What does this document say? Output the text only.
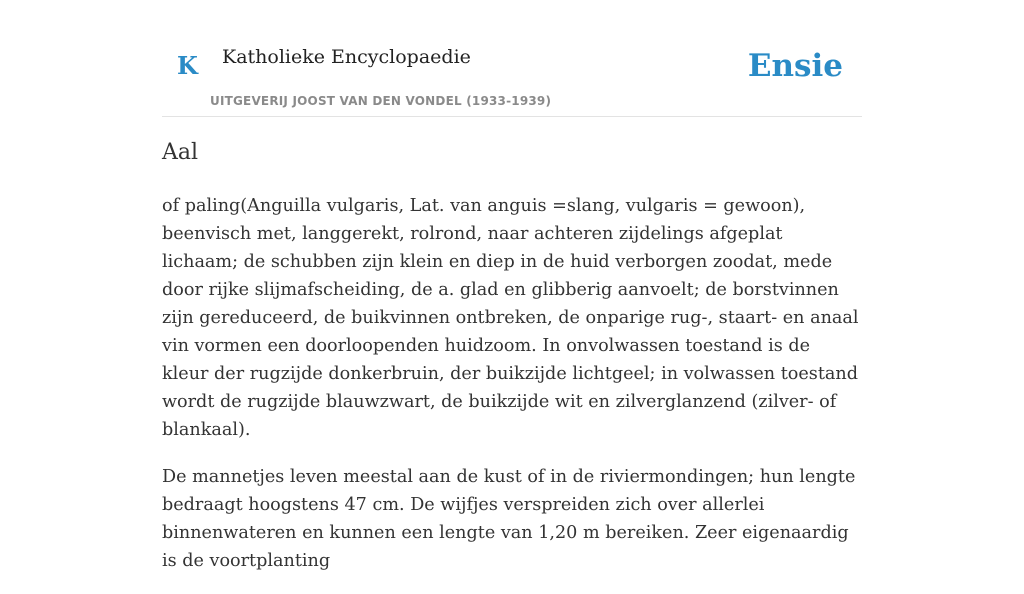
K Katholieke Encyclopaedie
UITGEVERIJ JOOST VAN DEN VONDEL (1933-1939)
Ensie
Aal

of paling(Anguilla vulgaris, Lat. van anguis =slang, vulgaris = gewoon), beenvisch met, langgerekt, rolrond, naar achteren zijdelings afgeplat lichaam; de schubben zijn klein en diep in de huid verborgen zoodat, mede door rijke slijmafscheiding, de a. glad en glibberig aanvoelt; de borstvinnen zijn gereduceerd, de buikvinnen ontbreken, de onparige rug-, staart- en anaal vin vormen een doorloopenden huidzoom. In onvolwassen toestand is de kleur der rugzijde donkerbruin, der buikzijde lichtgeel; in volwassen toestand wordt de rugzijde blauwzwart, de buikzijde wit en zilverglanzend (zilver- of blankaal).

De mannetjes leven meestal aan de kust of in de riviermondingen; hun lengte bedraagt hoogstens 47 cm. De wijfjes verspreiden zich over allerlei binnenwateren en kunnen een lengte van 1,20 m bereiken. Zeer eigenaardig is de voortplanting
